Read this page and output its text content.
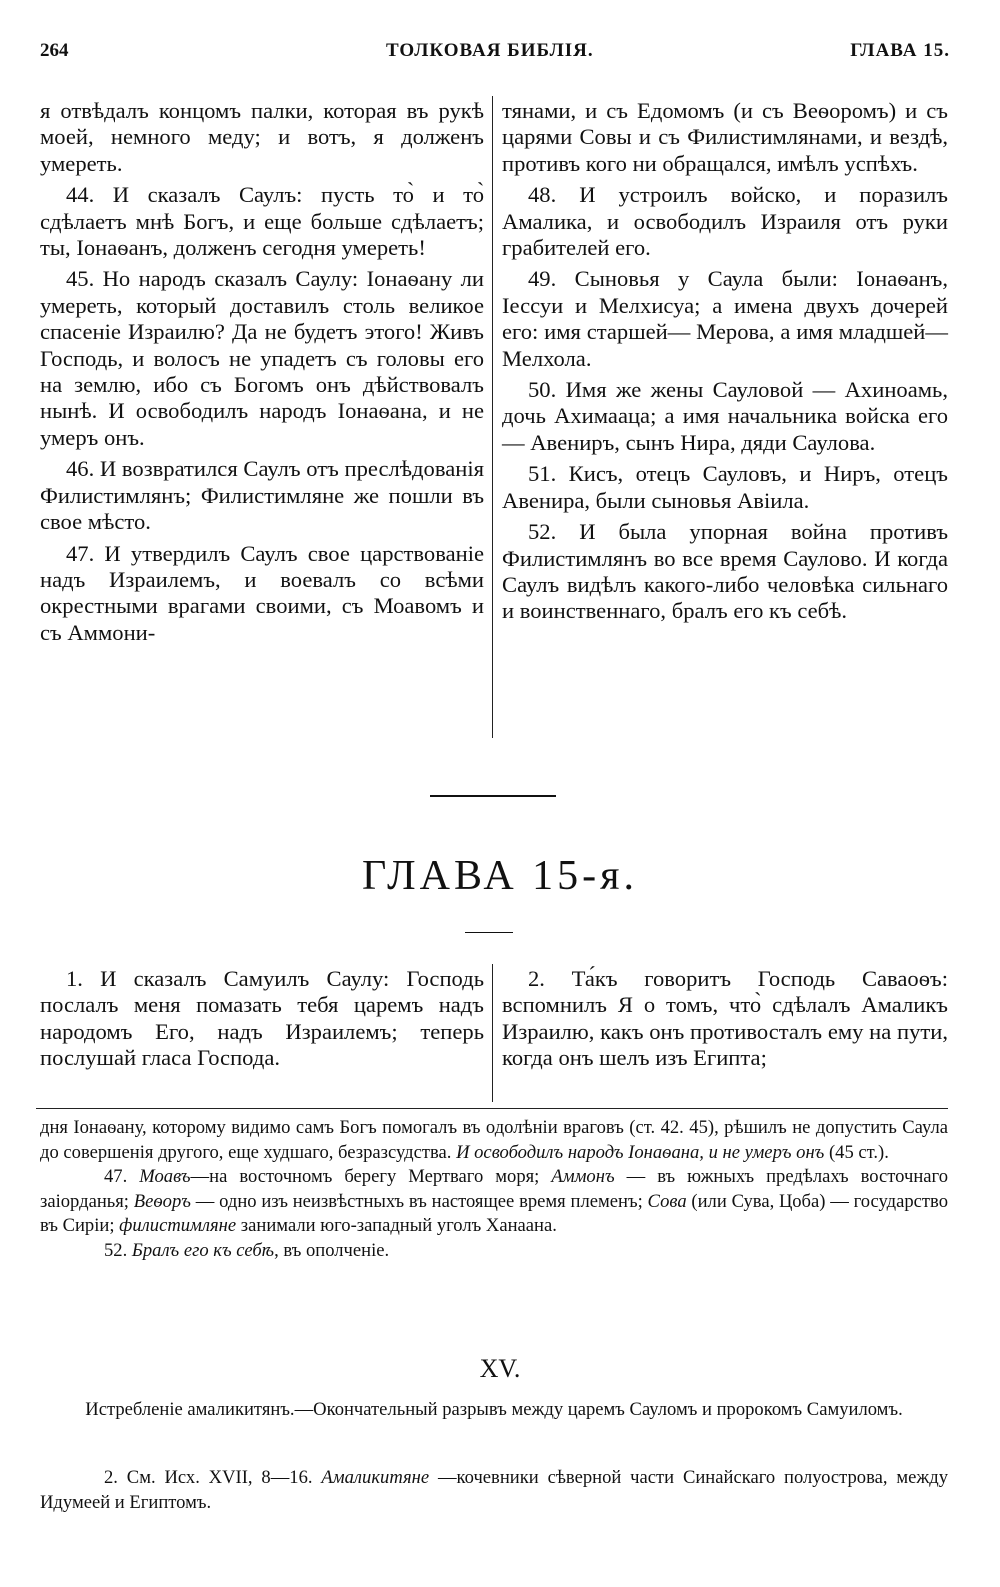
264	ТОЛКОВАЯ БИБЛІЯ.	ГЛАВА 15.

я отвѣдалъ концомъ палки, которая въ рукѣ моей, немного меду; и вотъ, я долженъ умереть.

44. И сказалъ Саулъ: пусть то̀ и то̀ сдѣлаетъ мнѣ Богъ, и еще больше сдѣлаетъ; ты, Іонаѳанъ, долженъ сегодня умереть!

45. Но народъ сказалъ Саулу: Іонаѳану ли умереть, который доставилъ столь великое спасеніе Израилю? Да не будетъ этого! Живъ Господь, и волосъ не упадетъ съ головы его на землю, ибо съ Богомъ онъ дѣйствовалъ нынѣ. И освободилъ народъ Іонаѳана, и не умеръ онъ.

46. И возвратился Саулъ отъ преслѣдованія Филистимлянъ; Филистимляне же пошли въ свое мѣсто.

47. И утвердилъ Саулъ свое царствованіе надъ Израилемъ, и воевалъ со всѣми окрестными врагами своими, съ Моавомъ и съ Аммони-

тянами, и съ Едомомъ (и съ Веѳоромъ) и съ царями Совы и съ Филистимлянами, и вездѣ, противъ кого ни обращался, имѣлъ успѣхъ.

48. И устроилъ войско, и поразилъ Амалика, и освободилъ Израиля отъ руки грабителей его.

49. Сыновья у Саула были: Іонаѳанъ, Іессуи и Мелхисуа; а имена двухъ дочерей его: имя старшей— Мерова, а имя младшей—Мелхола.

50. Имя же жены Сауловой — Ахиноамь, дочь Ахимааца; а имя начальника войска его — Авениръ, сынъ Нира, дяди Саулова.

51. Кисъ, отецъ Сауловъ, и Ниръ, отецъ Авенира, были сыновья Авіила.

52. И была упорная война противъ Филистимлянъ во все время Саулово. И когда Саулъ видѣлъ какого-либо человѣка сильнаго и воинственнаго, бралъ его къ себѣ.

ГЛАВА 15-я.

1. И сказалъ Самуилъ Саулу: Господь послалъ меня помазать тебя царемъ надъ народомъ Его, надъ Израилемъ; теперь послушай гласа Господа.

2. Та́къ говоритъ Господь Саваоѳъ: вспомнилъ Я о томъ, что̀ сдѣлалъ Амаликъ Израилю, какъ онъ противосталъ ему на пути, когда онъ шелъ изъ Египта;

дня Іонаѳану, которому видимо самъ Богъ помогалъ въ одолѣніи враговъ (ст. 42. 45), рѣшилъ не допустить Саула до совершенія другого, еще худшаго, безразсудства. И освободилъ народъ Іонаѳана, и не умеръ онъ (45 ст.).

47. Моавъ—на восточномъ берегу Мертваго моря; Аммонъ — въ южныхъ предѣлахъ восточнаго заіорданья; Веѳоръ — одно изъ неизвѣстныхъ въ настоящее время племенъ; Сова (или Сува, Цоба) — государство въ Сиріи; филистимляне занимали юго-западный уголъ Ханаана.

52. Бралъ его къ себѣ, въ ополченіе.

XV.
Истребленіе амаликитянъ.—Окончательный разрывъ между царемъ Сауломъ и пророкомъ Самуиломъ.

2. См. Исх. XVII, 8—16. Амаликитяне —кочевники сѣверной части Синайскаго полуострова, между Идумеей и Египтомъ.
